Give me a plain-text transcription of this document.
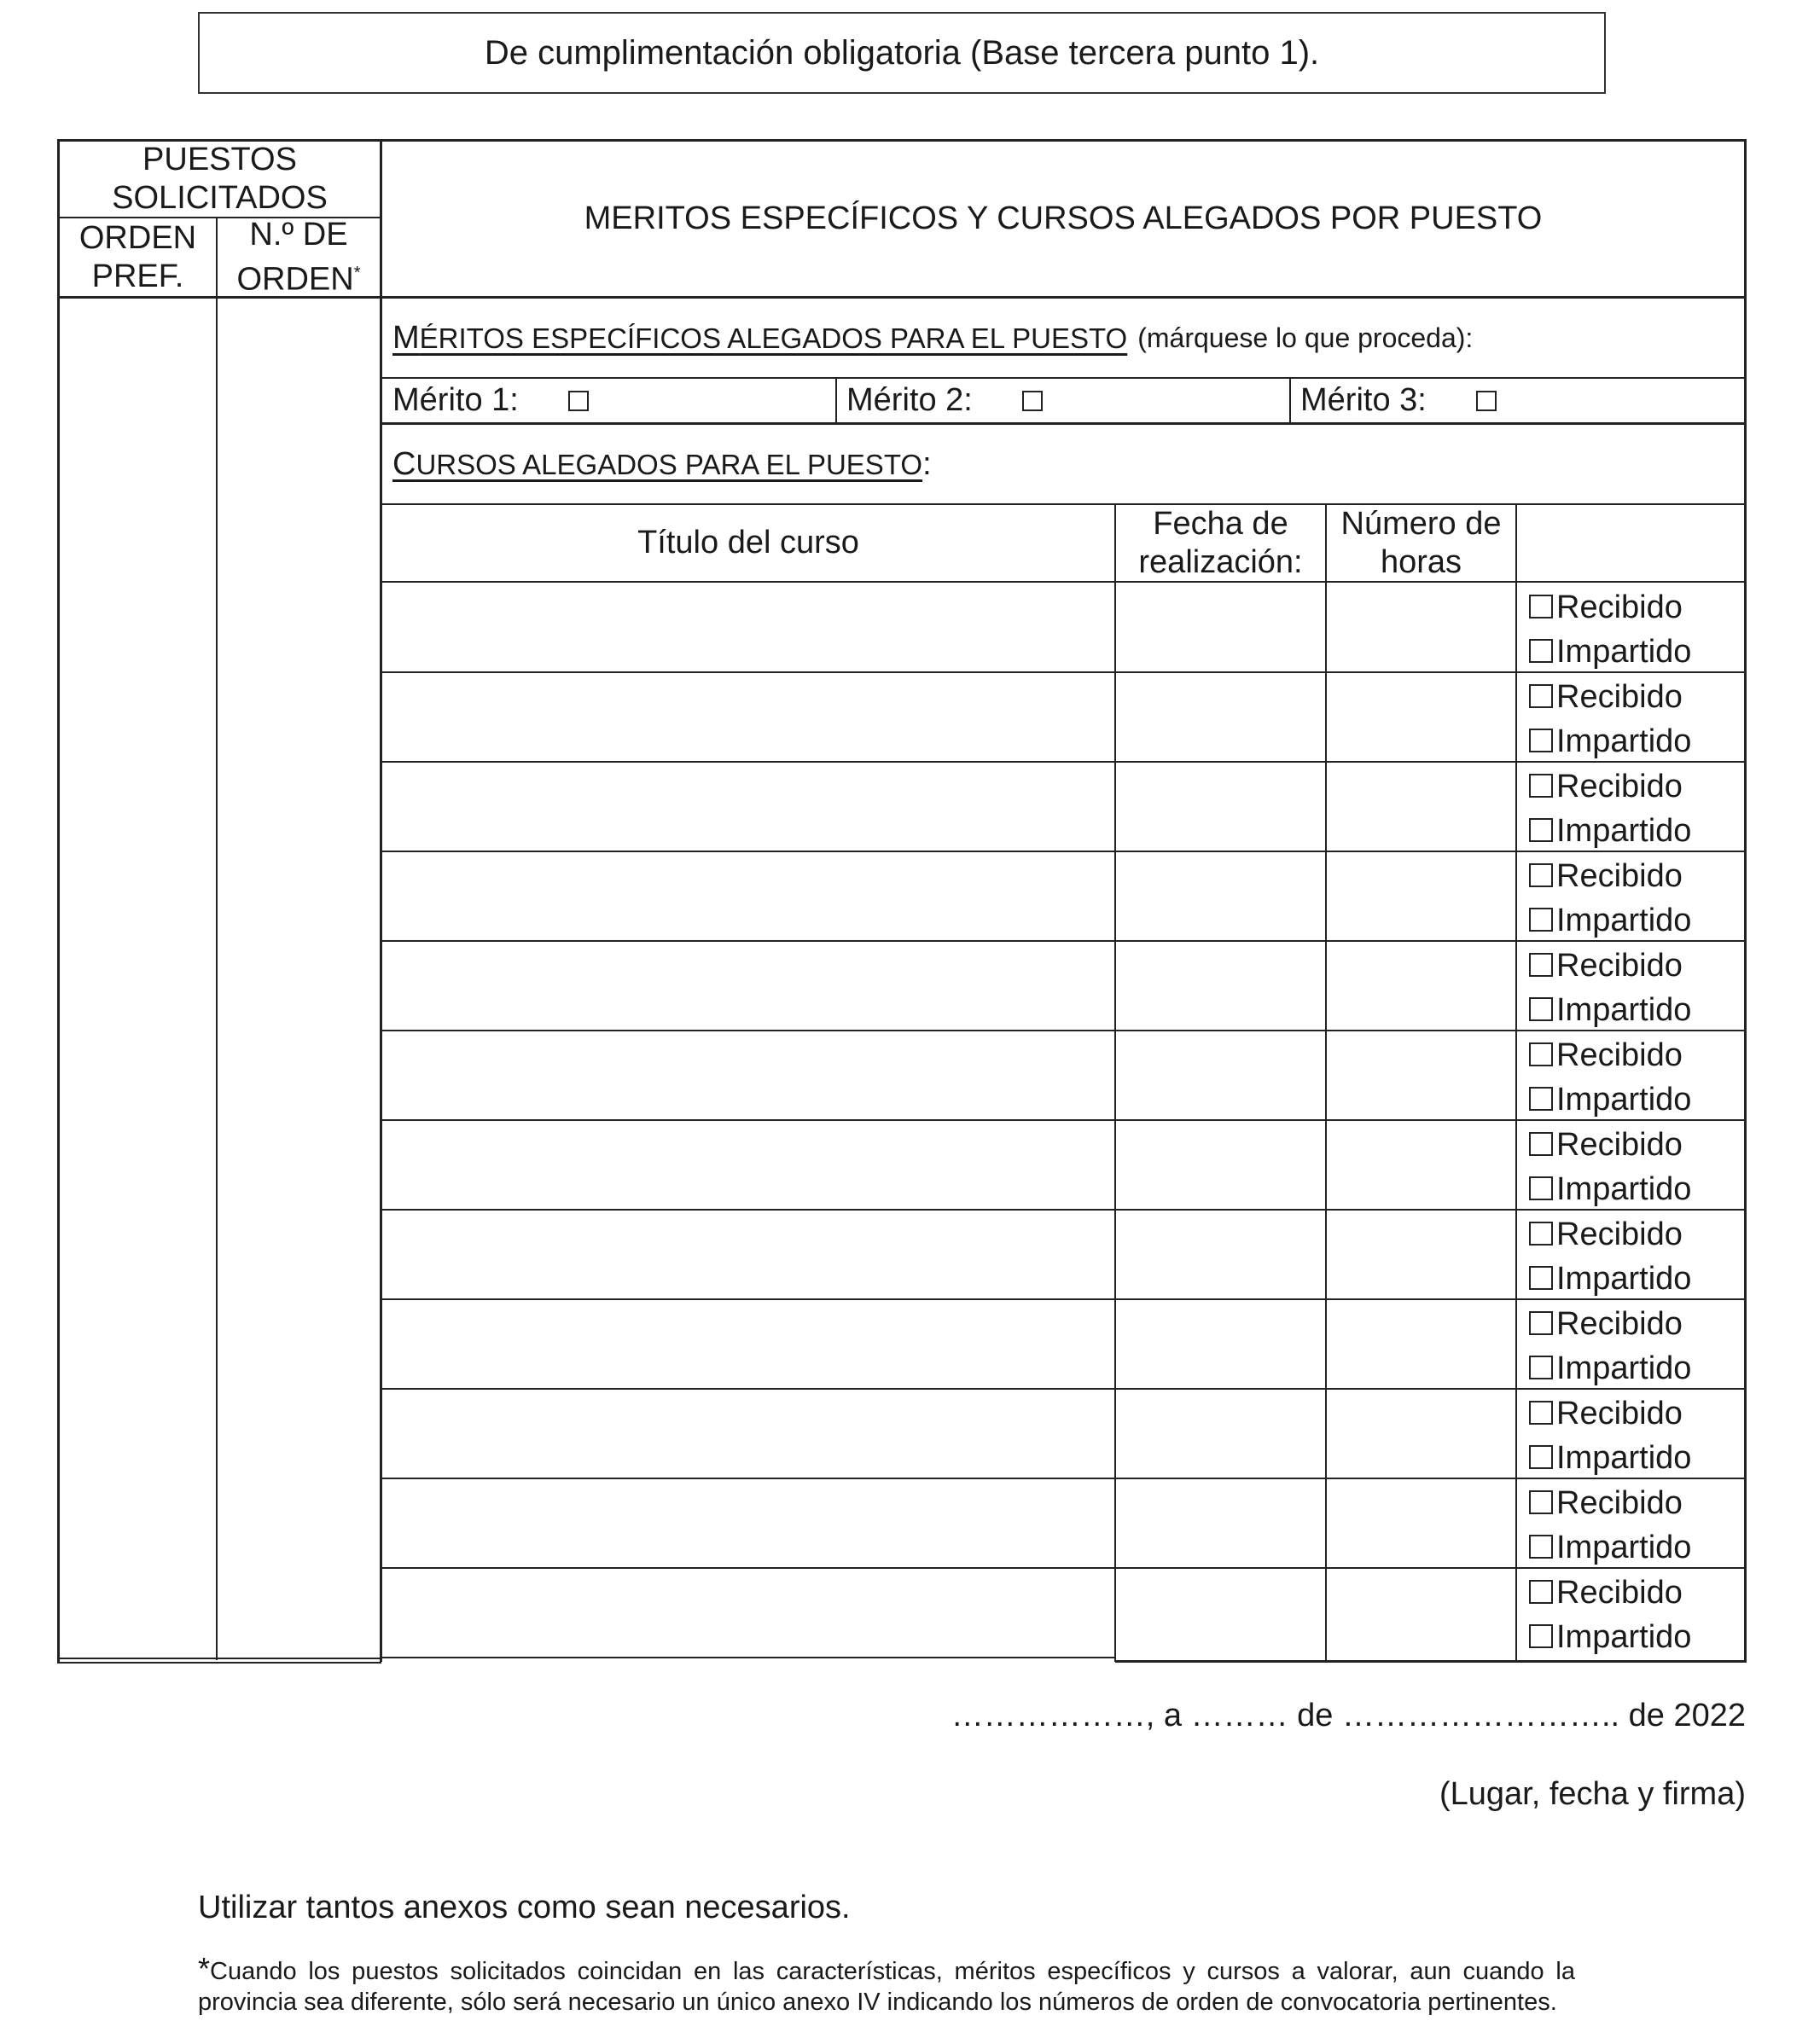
De cumplimentación obligatoria (Base tercera punto 1).
PUESTOS
SOLICITADOS
ORDEN
PREF.
N.º DE
ORDEN*
MERITOS ESPECÍFICOS Y CURSOS ALEGADOS POR PUESTO
MÉRITOS ESPECÍFICOS ALEGADOS PARA EL PUESTO (márquese lo que proceda):
Mérito 1:	Mérito 2:	Mérito 3:
CURSOS ALEGADOS PARA EL PUESTO :
Título del curso
Fecha de
realización:
Número de
horas
Recibido
Impartido
Recibido
Impartido
Recibido
Impartido
Recibido
Impartido
Recibido
Impartido
Recibido
Impartido
Recibido
Impartido
Recibido
Impartido
Recibido
Impartido
Recibido
Impartido
Recibido
Impartido
Recibido
Impartido
………………, a ……… de …………………….. de 2022
(Lugar, fecha y firma)
Utilizar tantos anexos como sean necesarios.
*Cuando los puestos solicitados coincidan en las características, méritos específicos y cursos a valorar, aun cuando la provincia sea diferente, sólo será necesario un único anexo IV indicando los números de orden de convocatoria pertinentes.
